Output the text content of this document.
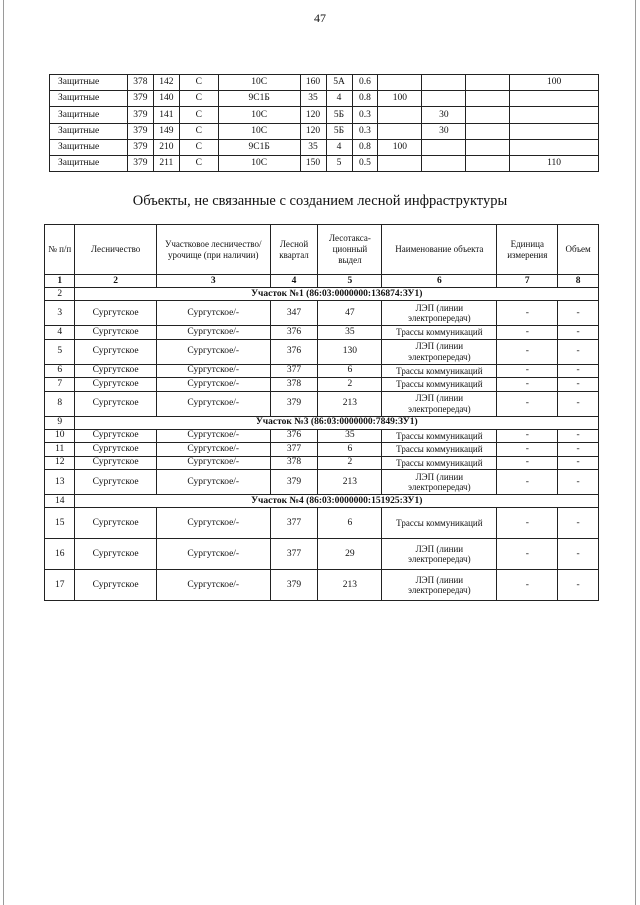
47
Защитные	378	142	С	10С	160	5А	0.6				100
Защитные	379	140	С	9С1Б	35	4	0.8	100			
Защитные	379	141	С	10С	120	5Б	0.3		30		
Защитные	379	149	С	10С	120	5Б	0.3		30		
Защитные	379	210	С	9С1Б	35	4	0.8	100			
Защитные	379	211	С	10С	150	5	0.5				110
Объекты, не связанные с созданием лесной инфраструктуры
№ п/п	Лесничество	Участковое лесничество/урочище (при наличии)	Лесной квартал	Лесотакса-ционный выдел	Наименование объекта	Единица измерения	Объем
1	2	3	4	5	6	7	8
2	Участок №1 (86:03:0000000:136874:ЗУ1)						
3	Сургутское	Сургутское/-	347	47	ЛЭП (линии электропередач)	-	-
4	Сургутское	Сургутское/-	376	35	Трассы коммуникаций	-	-
5	Сургутское	Сургутское/-	376	130	ЛЭП (линии электропередач)	-	-
6	Сургутское	Сургутское/-	377	6	Трассы коммуникаций	-	-
7	Сургутское	Сургутское/-	378	2	Трассы коммуникаций	-	-
8	Сургутское	Сургутское/-	379	213	ЛЭП (линии электропередач)	-	-
9	Участок №3 (86:03:0000000:7849:ЗУ1)						
10	Сургутское	Сургутское/-	376	35	Трассы коммуникаций	-	-
11	Сургутское	Сургутское/-	377	6	Трассы коммуникаций	-	-
12	Сургутское	Сургутское/-	378	2	Трассы коммуникаций	-	-
13	Сургутское	Сургутское/-	379	213	ЛЭП (линии электропередач)	-	-
14	Участок №4 (86:03:0000000:151925:ЗУ1)						
15	Сургутское	Сургутское/-	377	6	Трассы коммуникаций	-	-
16	Сургутское	Сургутское/-	377	29	ЛЭП (линии электропередач)	-	-
17	Сургутское	Сургутское/-	379	213	ЛЭП (линии электропередач)	-	-
